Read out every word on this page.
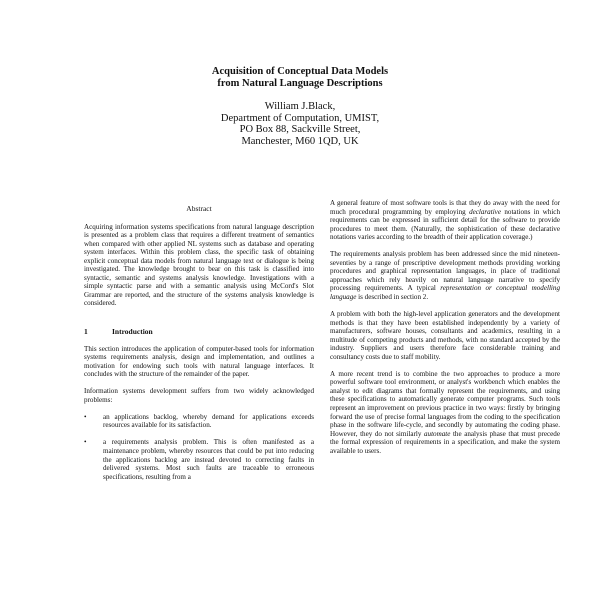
Acquisition of Conceptual Data Models
from Natural Language Descriptions
William J.Black,
Department of Computation, UMIST,
PO Box 88, Sackville Street,
Manchester, M60 1QD, UK
Abstract

Acquiring information systems specifications from natural language description is presented as a problem class that requires a different treatment of semantics when compared with other applied NL systems such as database and operating system interfaces. Within this problem class, the specific task of obtaining explicit conceptual data models from natural language text or dialogue is being investigated. The knowledge brought to bear on this task is classified into syntactic, semantic and systems analysis knowledge. Investigations with a simple syntactic parse and with a semantic analysis using McCord's Slot Grammar are reported, and the structure of the systems analysis knowledge is considered.

1	Introduction

This section introduces the application of computer-based tools for information systems requirements analysis, design and implementation, and outlines a motivation for endowing such tools with natural language interfaces. It concludes with the structure of the remainder of the paper.

Information systems development suffers from two widely acknowledged problems:

• an applications backlog, whereby demand for applications exceeds resources available for its satisfaction.
• a requirements analysis problem. This is often manifested as a maintenance problem, whereby resources that could be put into reducing the applications backlog are instead devoted to correcting faults in delivered systems. Most such faults are traceable to erroneous specifications, resulting from a

A general feature of most software tools is that they do away with the need for much procedural programming by employing declarative notations in which requirements can be expressed in sufficient detail for the software to provide procedures to meet them. (Naturally, the sophistication of these declarative notations varies according to the breadth of their application coverage.)

The requirements analysis problem has been addressed since the mid nineteen-seventies by a range of prescriptive development methods providing working procedures and graphical representation languages, in place of traditional approaches which rely heavily on natural language narrative to specify processing requirements. A typical representation or conceptual modelling language is described in section 2.

A problem with both the high-level application generators and the development methods is that they have been established independently by a variety of manufacturers, software houses, consultants and academics, resulting in a multitude of competing products and methods, with no standard accepted by the industry. Suppliers and users therefore face considerable training and consultancy costs due to staff mobility.

A more recent trend is to combine the two approaches to produce a more powerful software tool environment, or analyst's workbench which enables the analyst to edit diagrams that formally represent the requirements, and using these specifications to automatically generate computer programs. Such tools represent an improvement on previous practice in two ways: firstly by bringing forward the use of precise formal languages from the coding to the specification phase in the software life-cycle, and secondly by automating the coding phase. However, they do not similarly automate the analysis phase that must precede the formal expression of requirements in a specification, and make the system available to users.
